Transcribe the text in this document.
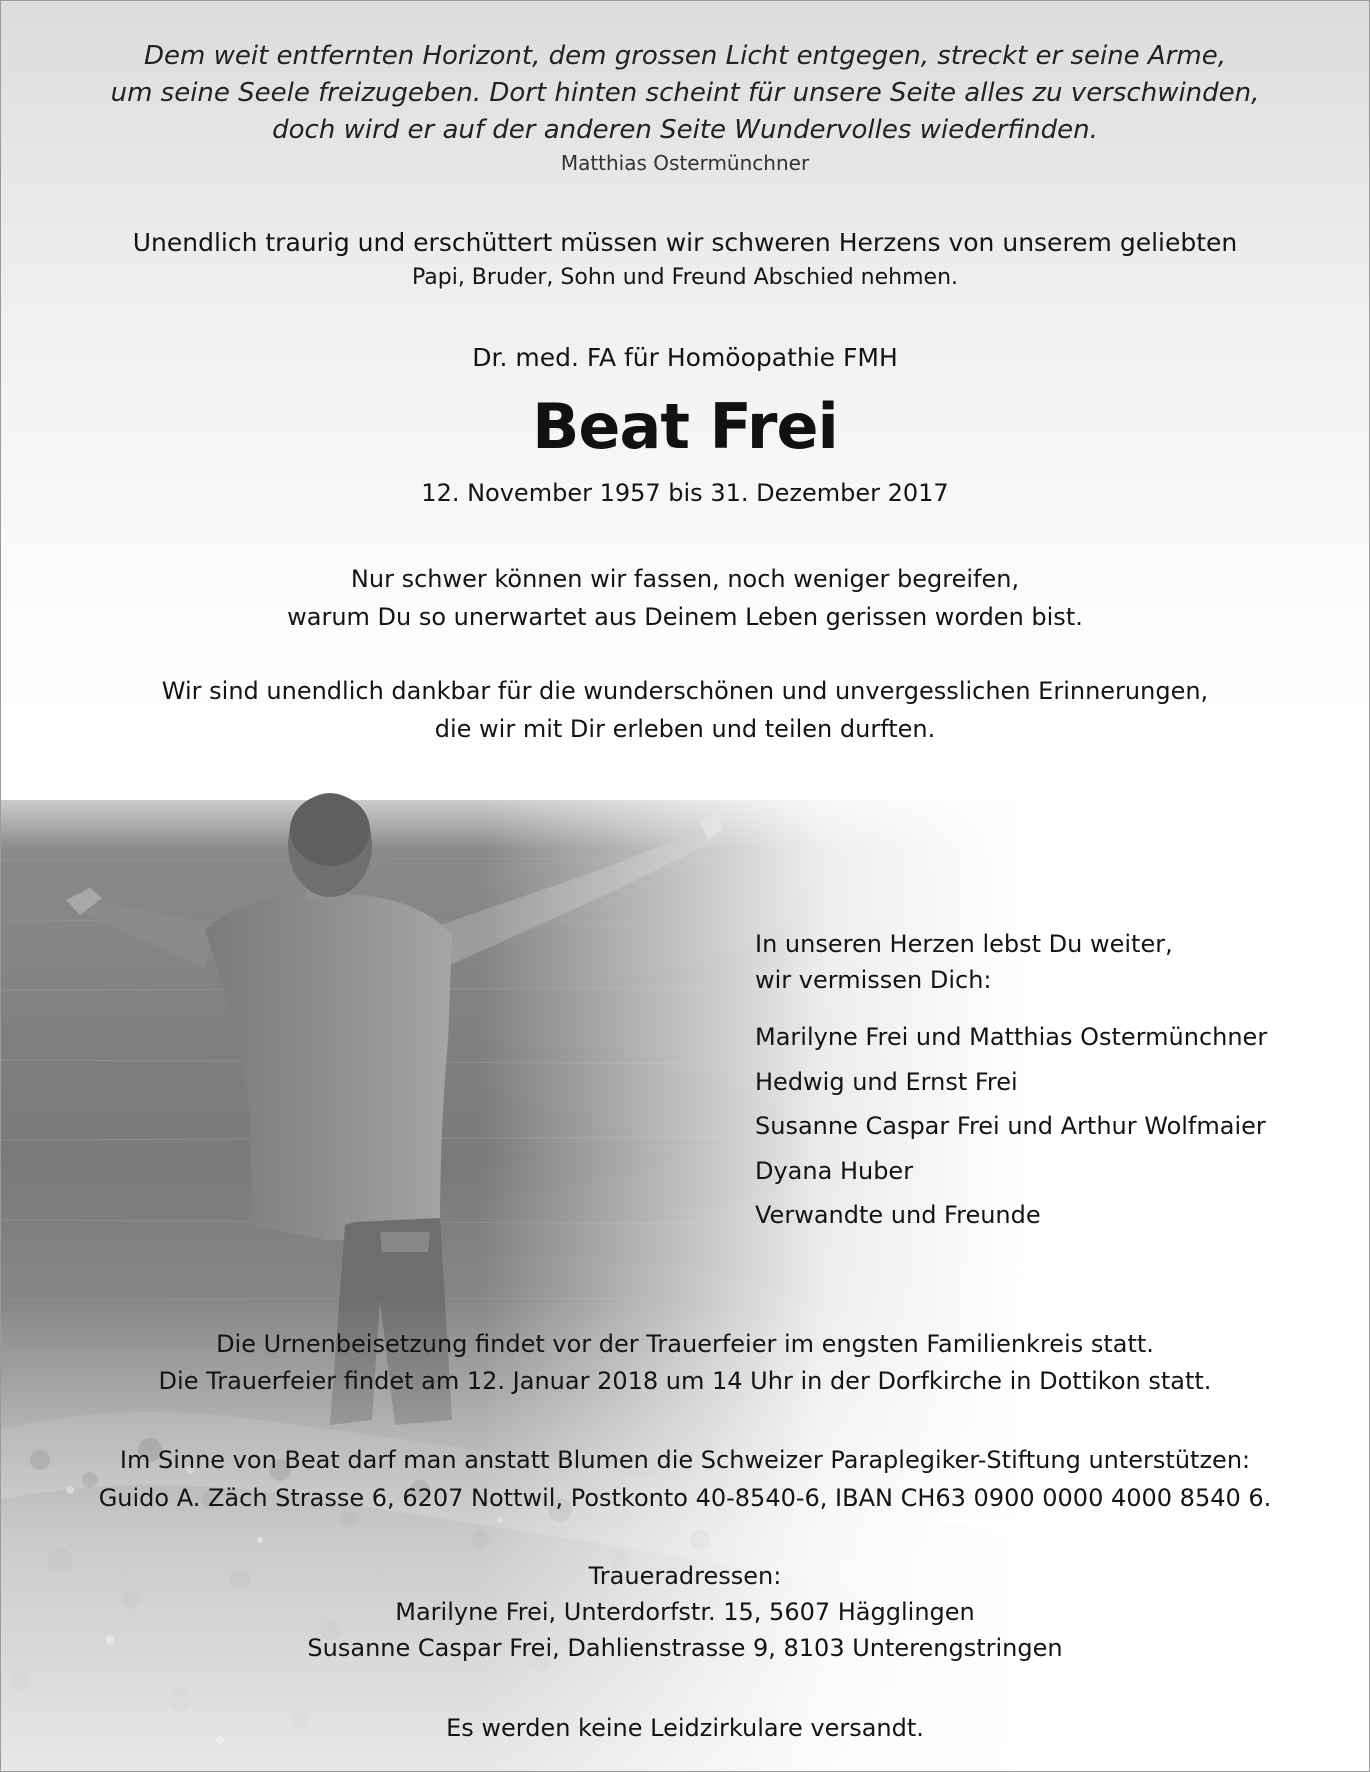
Dem weit entfernten Horizont, dem grossen Licht entgegen, streckt er seine Arme,
um seine Seele freizugeben. Dort hinten scheint für unsere Seite alles zu verschwinden,
doch wird er auf der anderen Seite Wundervolles wiederfinden.
Matthias Ostermünchner
Unendlich traurig und erschüttert müssen wir schweren Herzens von unserem geliebten
Papi, Bruder, Sohn und Freund Abschied nehmen.
Dr. med. FA für Homöopathie FMH
Beat Frei
12. November 1957 bis 31. Dezember 2017
Nur schwer können wir fassen, noch weniger begreifen,
warum Du so unerwartet aus Deinem Leben gerissen worden bist.
Wir sind unendlich dankbar für die wunderschönen und unvergesslichen Erinnerungen,
die wir mit Dir erleben und teilen durften.
In unseren Herzen lebst Du weiter,
wir vermissen Dich:
Marilyne Frei und Matthias Ostermünchner
Hedwig und Ernst Frei
Susanne Caspar Frei und Arthur Wolfmaier
Dyana Huber
Verwandte und Freunde
Die Urnenbeisetzung findet vor der Trauerfeier im engsten Familienkreis statt.
Die Trauerfeier findet am 12. Januar 2018 um 14 Uhr in der Dorfkirche in Dottikon statt.
Im Sinne von Beat darf man anstatt Blumen die Schweizer Paraplegiker-Stiftung unterstützen:
Guido A. Zäch Strasse 6, 6207 Nottwil, Postkonto 40-8540-6, IBAN CH63 0900 0000 4000 8540 6.
Traueradressen:
Marilyne Frei, Unterdorfstr. 15, 5607 Hägglingen
Susanne Caspar Frei, Dahlienstrasse 9, 8103 Unterengstringen
Es werden keine Leidzirkulare versandt.
